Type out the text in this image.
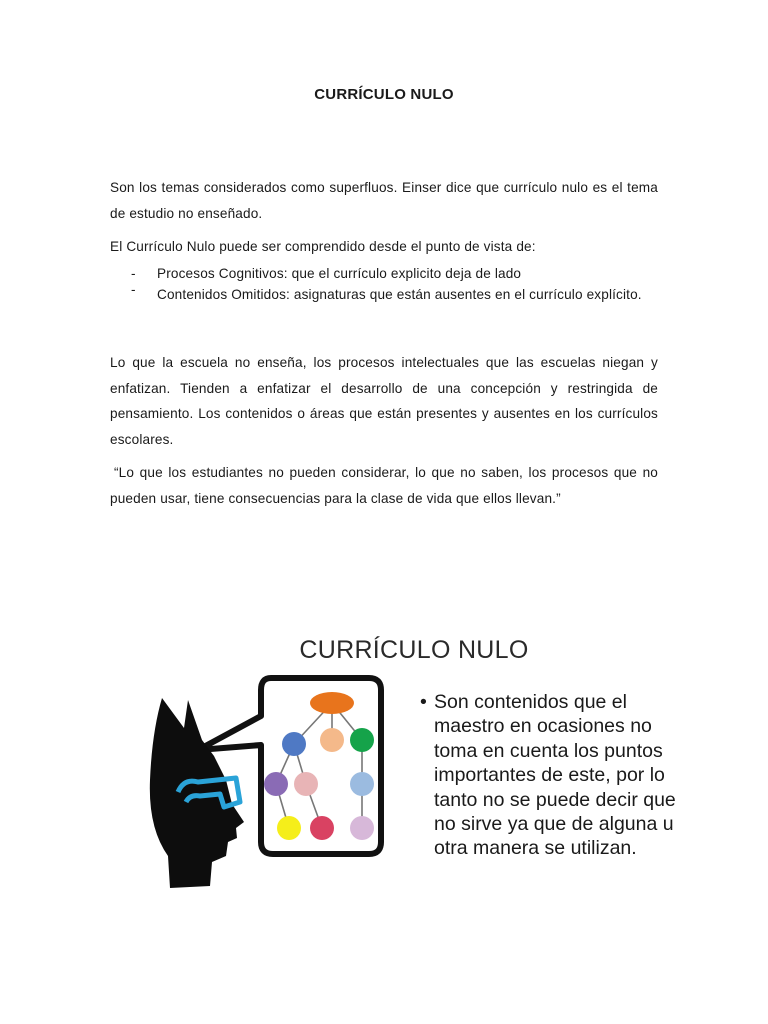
CURRÍCULO NULO

Son los temas considerados como superfluos. Einser dice que currículo nulo es el tema de estudio no enseñado.

El Currículo Nulo puede ser comprendido desde el punto de vista de:

- Procesos Cognitivos: que el currículo explicito deja de lado
- Contenidos Omitidos: asignaturas que están ausentes en el currículo explícito.

Lo que la escuela no enseña, los procesos intelectuales que las escuelas niegan y enfatizan. Tienden a enfatizar el desarrollo de una concepción y restringida de pensamiento. Los contenidos o áreas que están presentes y ausentes en los currículos escolares.

“Lo que los estudiantes no pueden considerar, lo que no saben, los procesos que no pueden usar, tiene consecuencias para la clase de vida que ellos llevan.”

CURRÍCULO NULO
• Son contenidos que el maestro en ocasiones no toma en cuenta los puntos importantes de este, por lo tanto no se puede decir que no sirve ya que de alguna u otra manera se utilizan.
